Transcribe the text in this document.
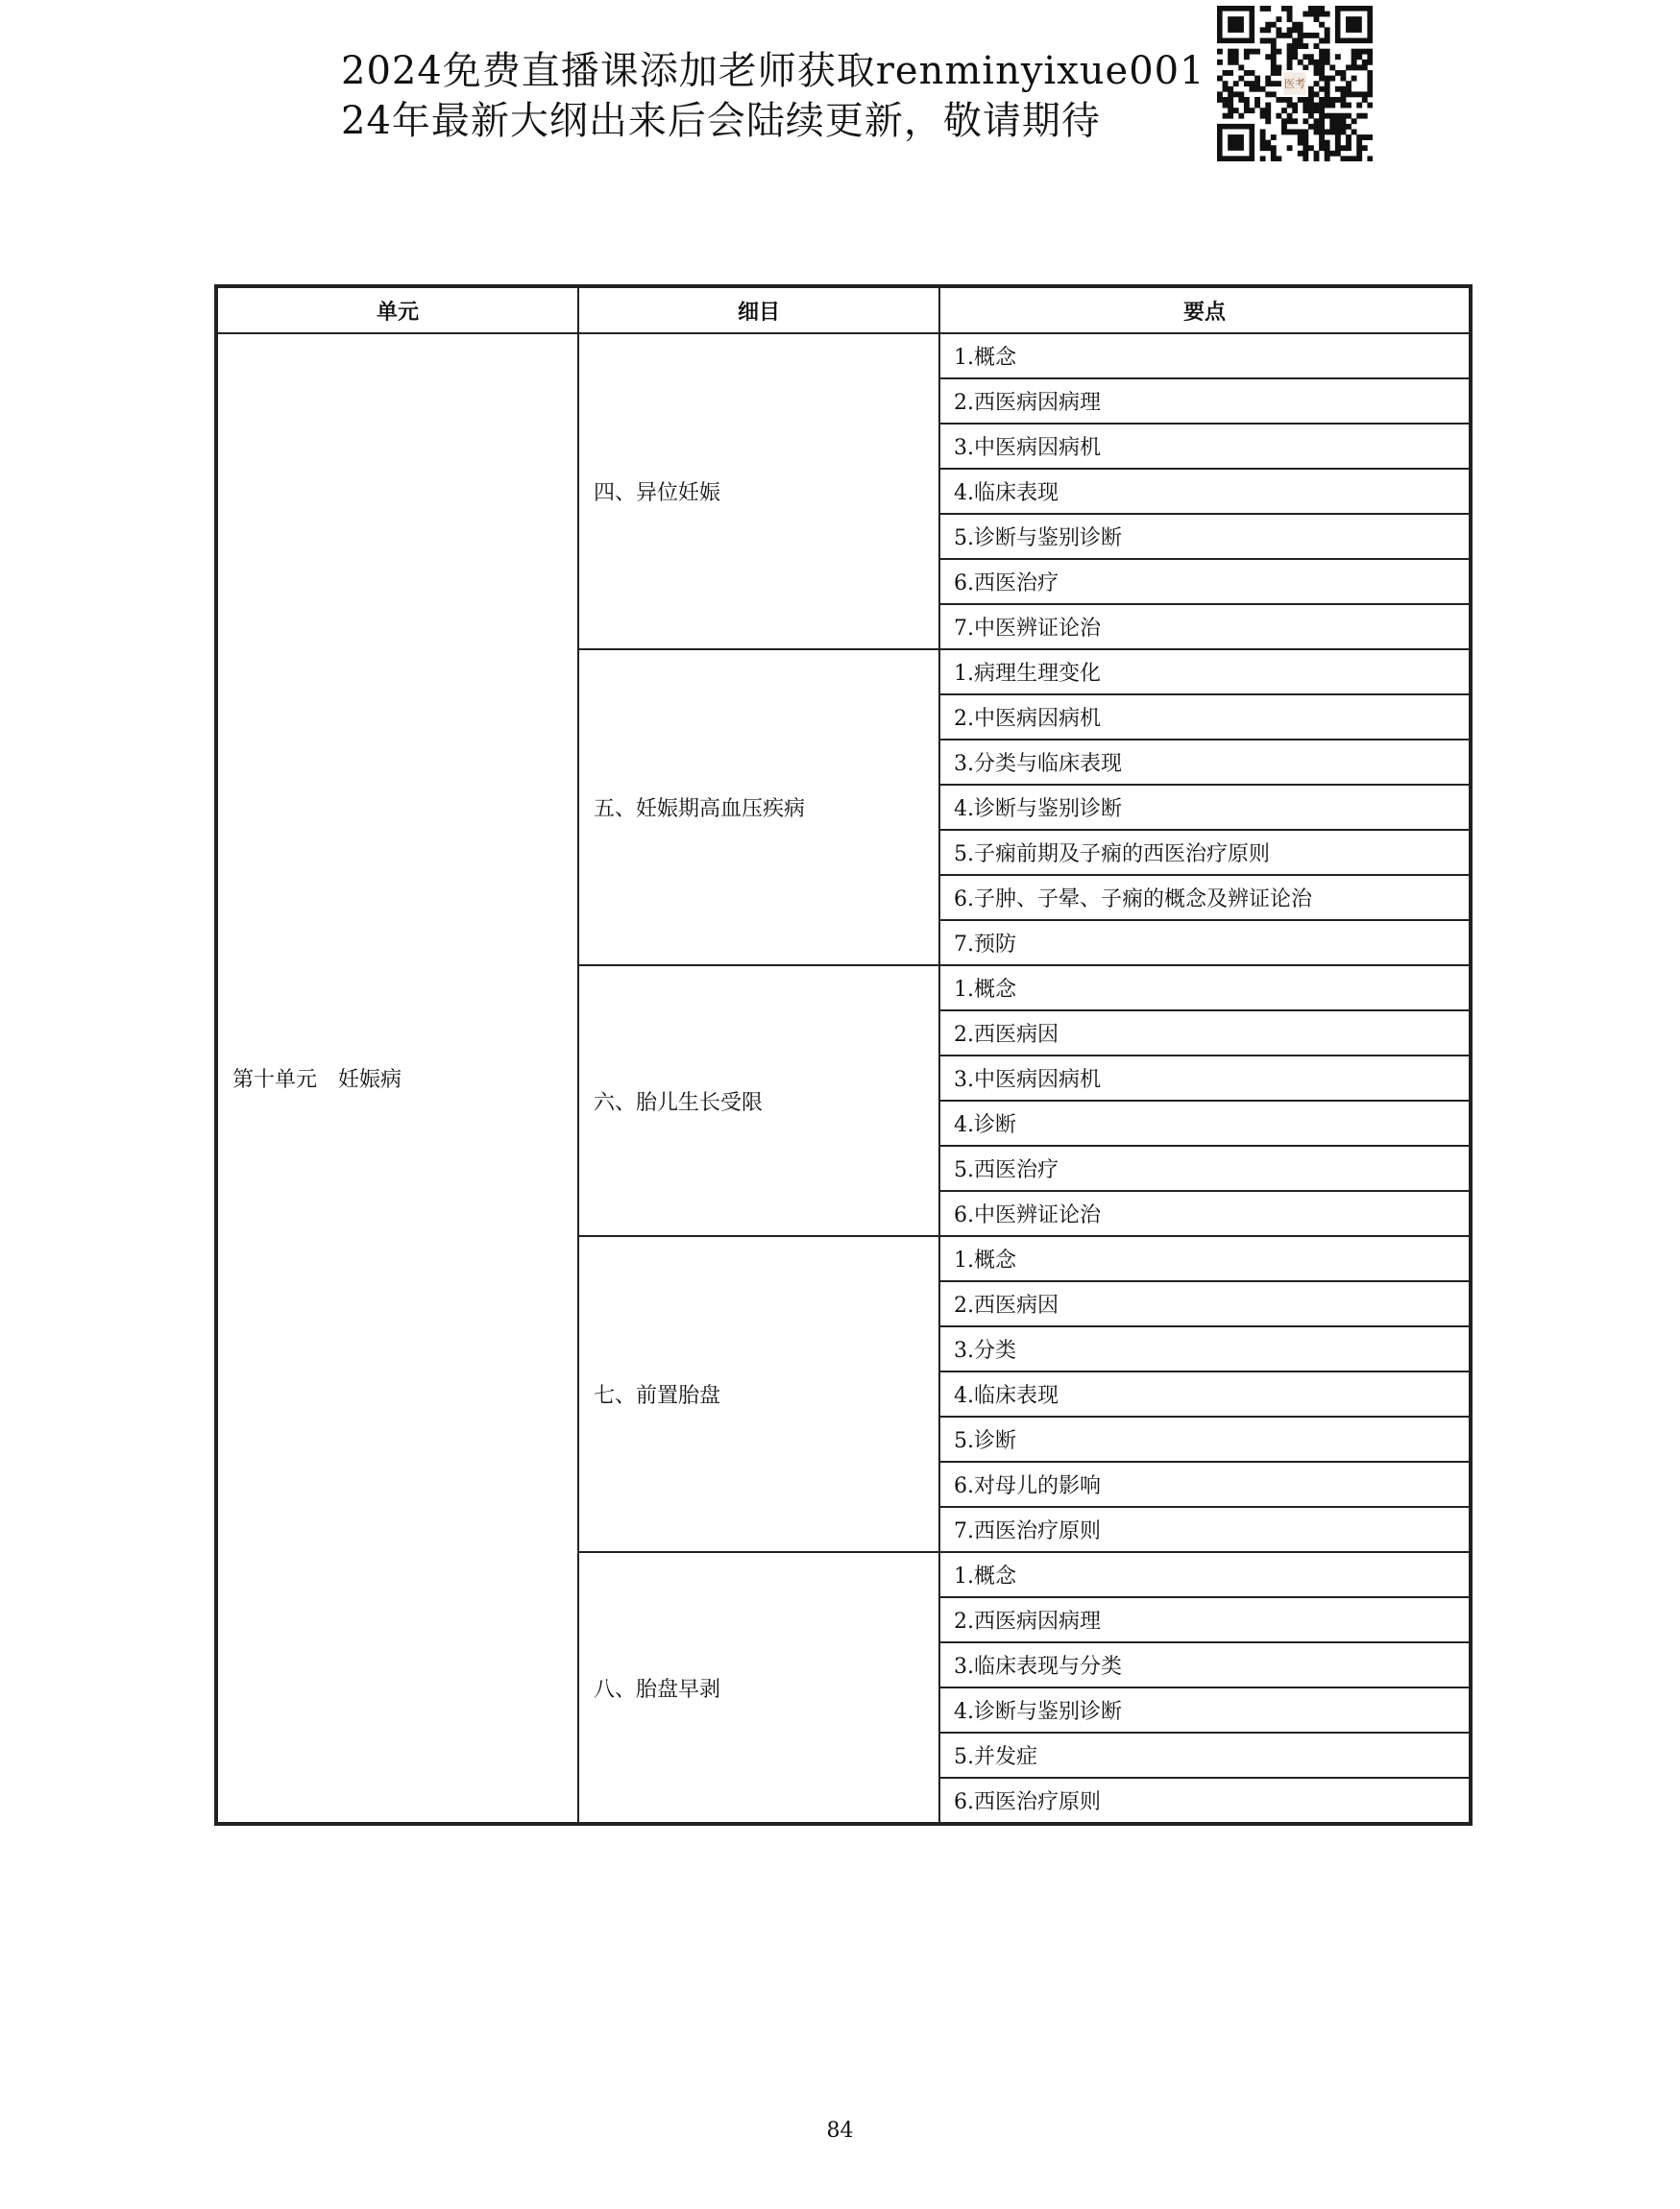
2024免费直播课添加老师获取renminyixue001
24年最新大纲出来后会陆续更新，敬请期待
医考
单元	细目	要点
第十单元　妊娠病	四、异位妊娠	1.概念
		2.西医病因病理
		3.中医病因病机
		4.临床表现
		5.诊断与鉴别诊断
		6.西医治疗
		7.中医辨证论治
	五、妊娠期高血压疾病	1.病理生理变化
		2.中医病因病机
		3.分类与临床表现
		4.诊断与鉴别诊断
		5.子痫前期及子痫的西医治疗原则
		6.子肿、子晕、子痫的概念及辨证论治
		7.预防
	六、胎儿生长受限	1.概念
		2.西医病因
		3.中医病因病机
		4.诊断
		5.西医治疗
		6.中医辨证论治
	七、前置胎盘	1.概念
		2.西医病因
		3.分类
		4.临床表现
		5.诊断
		6.对母儿的影响
		7.西医治疗原则
	八、胎盘早剥	1.概念
		2.西医病因病理
		3.临床表现与分类
		4.诊断与鉴别诊断
		5.并发症
		6.西医治疗原则
84
